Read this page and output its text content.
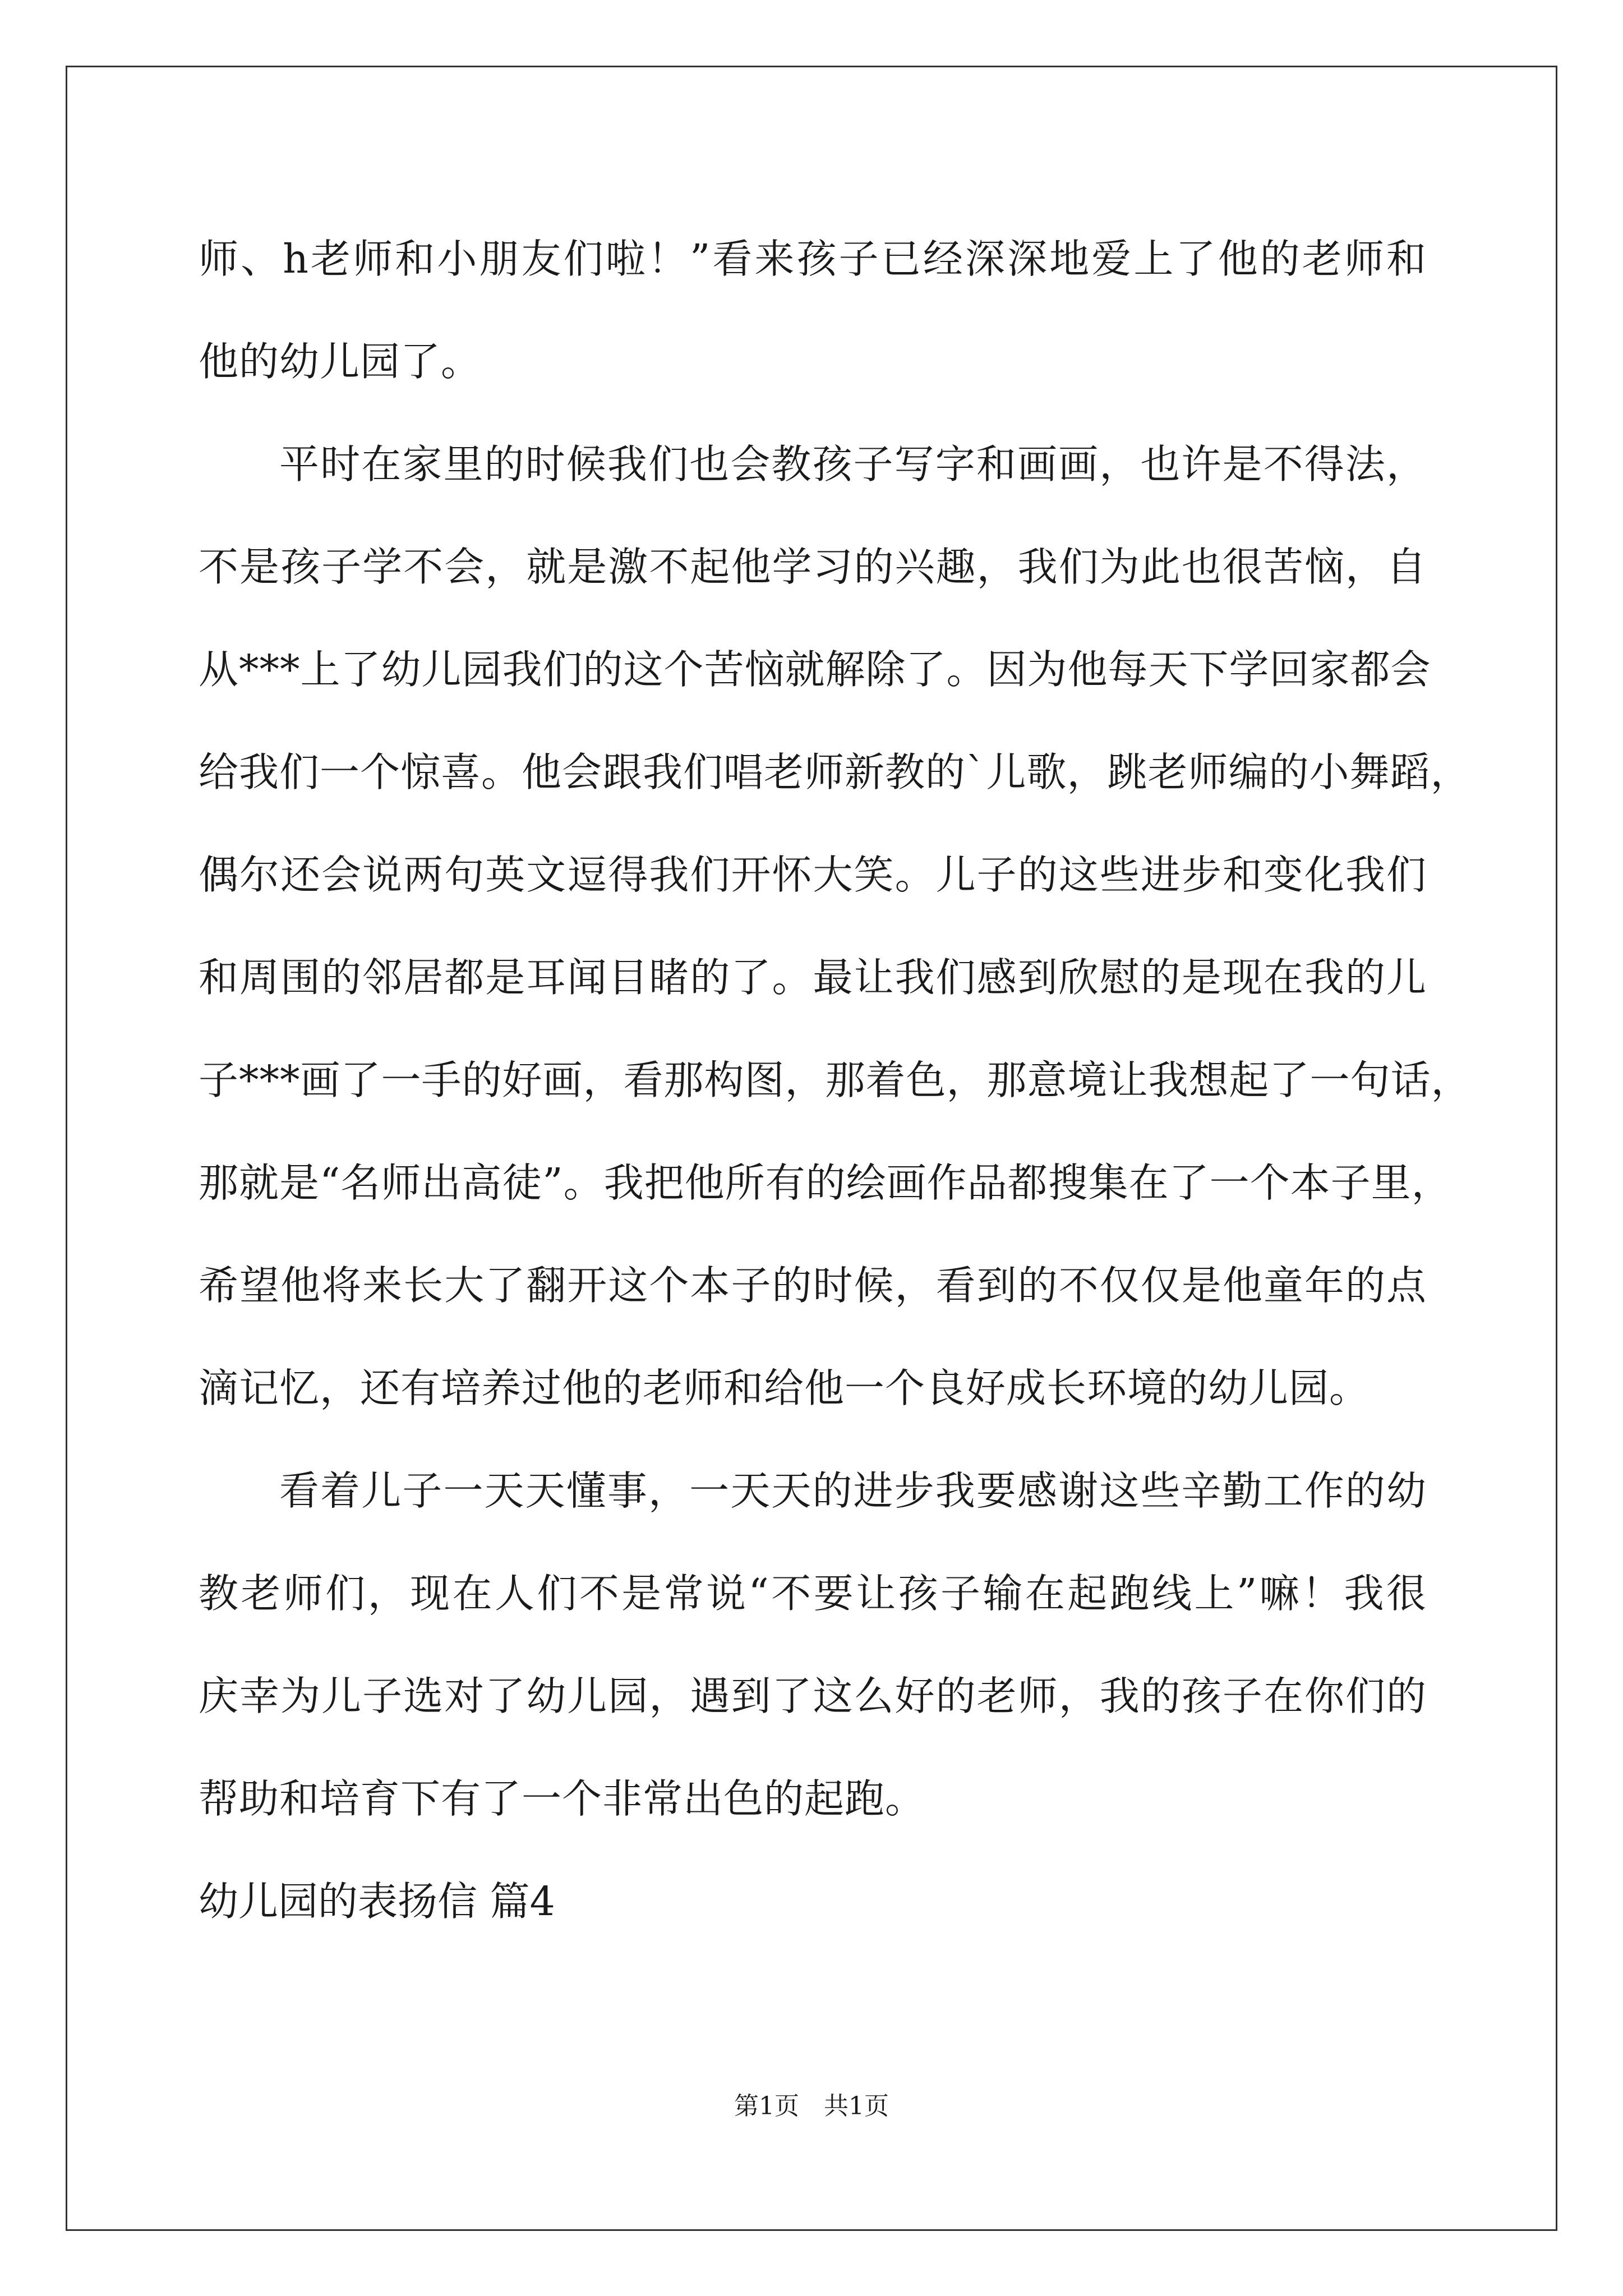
师、h老师和小朋友们啦！”看来孩子已经深深地爱上了他的老师和
他的幼儿园了。
平时在家里的时候我们也会教孩子写字和画画，也许是不得法，
不是孩子学不会，就是激不起他学习的兴趣，我们为此也很苦恼，自
从***上了幼儿园我们的这个苦恼就解除了。因为他每天下学回家都会
给我们一个惊喜。他会跟我们唱老师新教的`儿歌，跳老师编的小舞蹈，
偶尔还会说两句英文逗得我们开怀大笑。儿子的这些进步和变化我们
和周围的邻居都是耳闻目睹的了。最让我们感到欣慰的是现在我的儿
子***画了一手的好画，看那构图，那着色，那意境让我想起了一句话，
那就是“名师出高徒”。我把他所有的绘画作品都搜集在了一个本子里，
希望他将来长大了翻开这个本子的时候，看到的不仅仅是他童年的点
滴记忆，还有培养过他的老师和给他一个良好成长环境的幼儿园。
看着儿子一天天懂事，一天天的进步我要感谢这些辛勤工作的幼
教老师们，现在人们不是常说“不要让孩子输在起跑线上”嘛！我很
庆幸为儿子选对了幼儿园，遇到了这么好的老师，我的孩子在你们的
帮助和培育下有了一个非常出色的起跑。
幼儿园的表扬信 篇4
第1页　共1页
